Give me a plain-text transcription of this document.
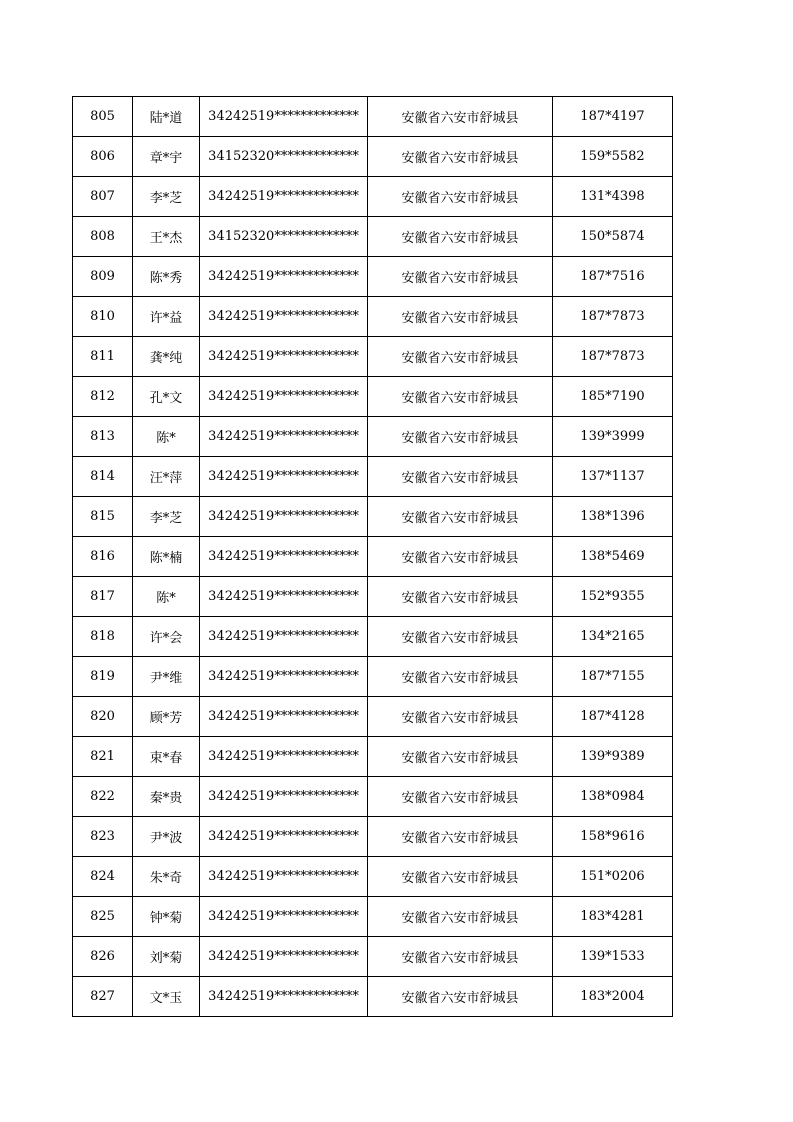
805	陆*道	34242519*************	安徽省六安市舒城县	187*4197
806	章*宇	34152320*************	安徽省六安市舒城县	159*5582
807	李*芝	34242519*************	安徽省六安市舒城县	131*4398
808	王*杰	34152320*************	安徽省六安市舒城县	150*5874
809	陈*秀	34242519*************	安徽省六安市舒城县	187*7516
810	许*益	34242519*************	安徽省六安市舒城县	187*7873
811	龚*纯	34242519*************	安徽省六安市舒城县	187*7873
812	孔*文	34242519*************	安徽省六安市舒城县	185*7190
813	陈*	34242519*************	安徽省六安市舒城县	139*3999
814	汪*萍	34242519*************	安徽省六安市舒城县	137*1137
815	李*芝	34242519*************	安徽省六安市舒城县	138*1396
816	陈*楠	34242519*************	安徽省六安市舒城县	138*5469
817	陈*	34242519*************	安徽省六安市舒城县	152*9355
818	许*会	34242519*************	安徽省六安市舒城县	134*2165
819	尹*维	34242519*************	安徽省六安市舒城县	187*7155
820	顾*芳	34242519*************	安徽省六安市舒城县	187*4128
821	束*春	34242519*************	安徽省六安市舒城县	139*9389
822	秦*贵	34242519*************	安徽省六安市舒城县	138*0984
823	尹*波	34242519*************	安徽省六安市舒城县	158*9616
824	朱*奇	34242519*************	安徽省六安市舒城县	151*0206
825	钟*菊	34242519*************	安徽省六安市舒城县	183*4281
826	刘*菊	34242519*************	安徽省六安市舒城县	139*1533
827	文*玉	34242519*************	安徽省六安市舒城县	183*2004
